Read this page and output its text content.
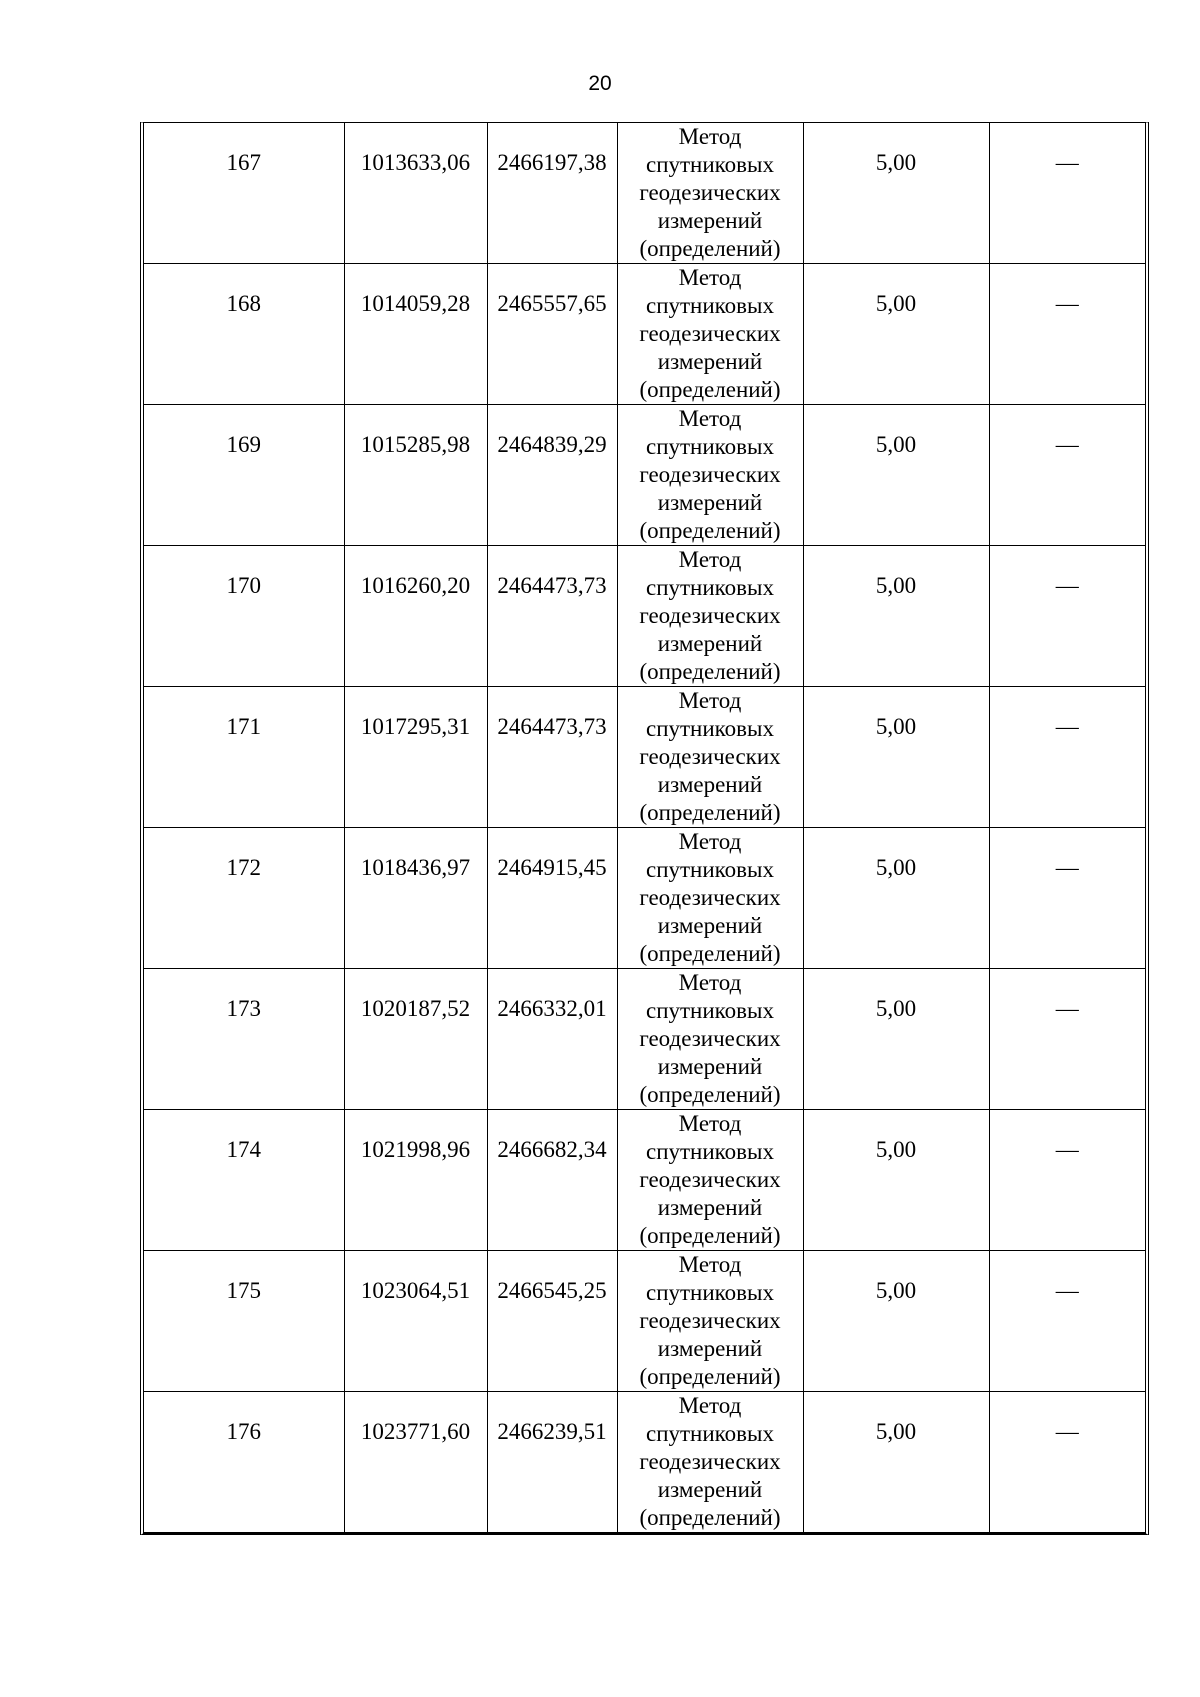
20
167	1013633,06	2466197,38	Метод
спутниковых
геодезических
измерений
(определений)	5,00	—
168	1014059,28	2465557,65	Метод
спутниковых
геодезических
измерений
(определений)	5,00	—
169	1015285,98	2464839,29	Метод
спутниковых
геодезических
измерений
(определений)	5,00	—
170	1016260,20	2464473,73	Метод
спутниковых
геодезических
измерений
(определений)	5,00	—
171	1017295,31	2464473,73	Метод
спутниковых
геодезических
измерений
(определений)	5,00	—
172	1018436,97	2464915,45	Метод
спутниковых
геодезических
измерений
(определений)	5,00	—
173	1020187,52	2466332,01	Метод
спутниковых
геодезических
измерений
(определений)	5,00	—
174	1021998,96	2466682,34	Метод
спутниковых
геодезических
измерений
(определений)	5,00	—
175	1023064,51	2466545,25	Метод
спутниковых
геодезических
измерений
(определений)	5,00	—
176	1023771,60	2466239,51	Метод
спутниковых
геодезических
измерений
(определений)	5,00	—
